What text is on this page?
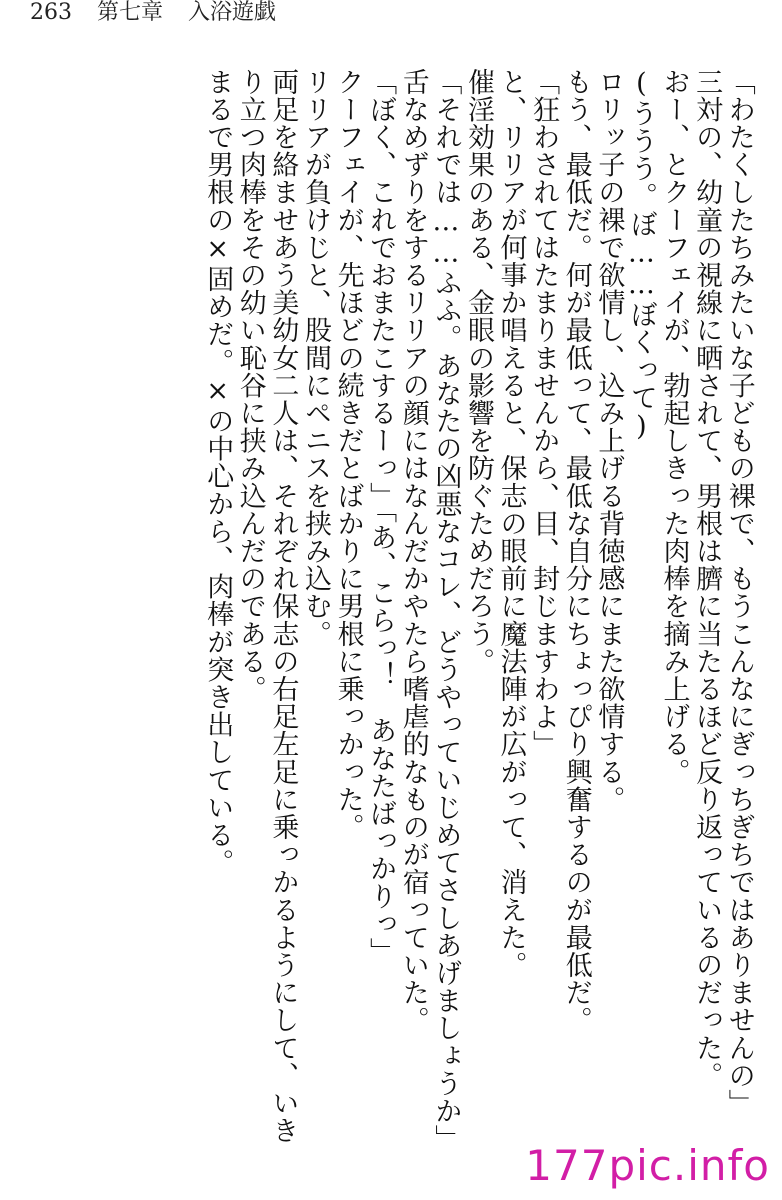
263 第七章 入浴遊戯
「わたくしたちみたいな子どもの裸で、もうこんなにぎっちぎちではありませんの」
三対の、幼童の視線に晒されて、男根は臍に当たるほど反り返っているのだった。
おー、とクーフェイが、勃起しきった肉棒を摘み上げる。
(ううう。ぼ……ぼくって)
ロリッ子の裸で欲情し、込み上げる背徳感にまた欲情する。
もう、最低だ。何が最低って、最低な自分にちょっぴり興奮するのが最低だ。
「狂わされてはたまりませんから、目、封じますわよ」
と、リリアが何事か唱えると、保志の眼前に魔法陣が広がって、消えた。
催淫効果のある、金眼の影響を防ぐためだろう。
「それでは……ふふ。あなたの凶悪なコレ、どうやっていじめてさしあげましょうか」
舌なめずりをするリリアの顔にはなんだかやたら嗜虐的なものが宿っていた。
「ぼく、これでおまたこするーっ」「あ、こらっ！　あなたばっかりっ」
クーフェイが、先ほどの続きだとばかりに男根に乗っかった。
リリアが負けじと、股間にペニスを挟み込む。
両足を絡ませあう美幼女二人は、それぞれ保志の右足左足に乗っかるようにして、いき
り立つ肉棒をその幼い恥谷に挟み込んだのである。
まるで男根の×固めだ。×の中心から、肉棒が突き出している。
177pic.info
